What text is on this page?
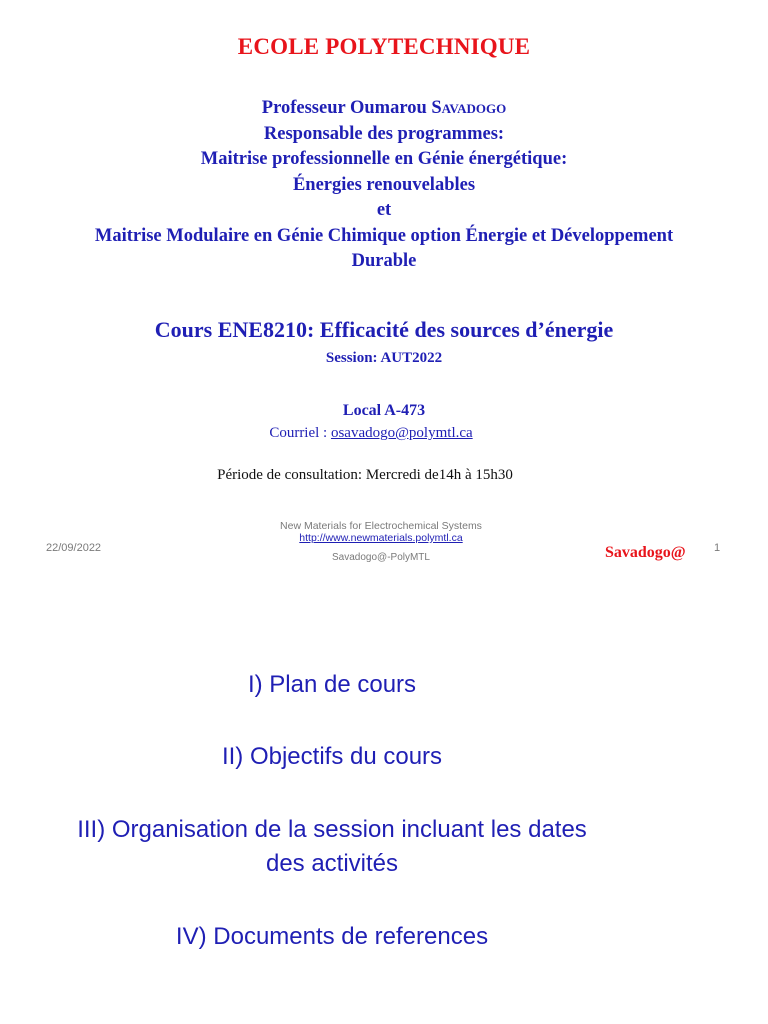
ECOLE POLYTECHNIQUE
Professeur Oumarou Savadogo
Responsable des programmes:
Maitrise professionnelle en Génie énergétique:
Énergies renouvelables
et
Maitrise Modulaire en Génie Chimique option Énergie et Développement
Durable
Cours ENE8210: Efficacité des sources d’énergie
Session: AUT2022
Local A-473
Courriel : osavadogo@polymtl.ca
Période de consultation: Mercredi de14h à 15h30
22/09/2022
New Materials for Electrochemical Systems
http://www.newmaterials.polymtl.ca
Savadogo@-PolyMTL	Savadogo@	1
I) Plan de cours
II) Objectifs du cours
III) Organisation de la session incluant les dates
des activités
IV) Documents de references
